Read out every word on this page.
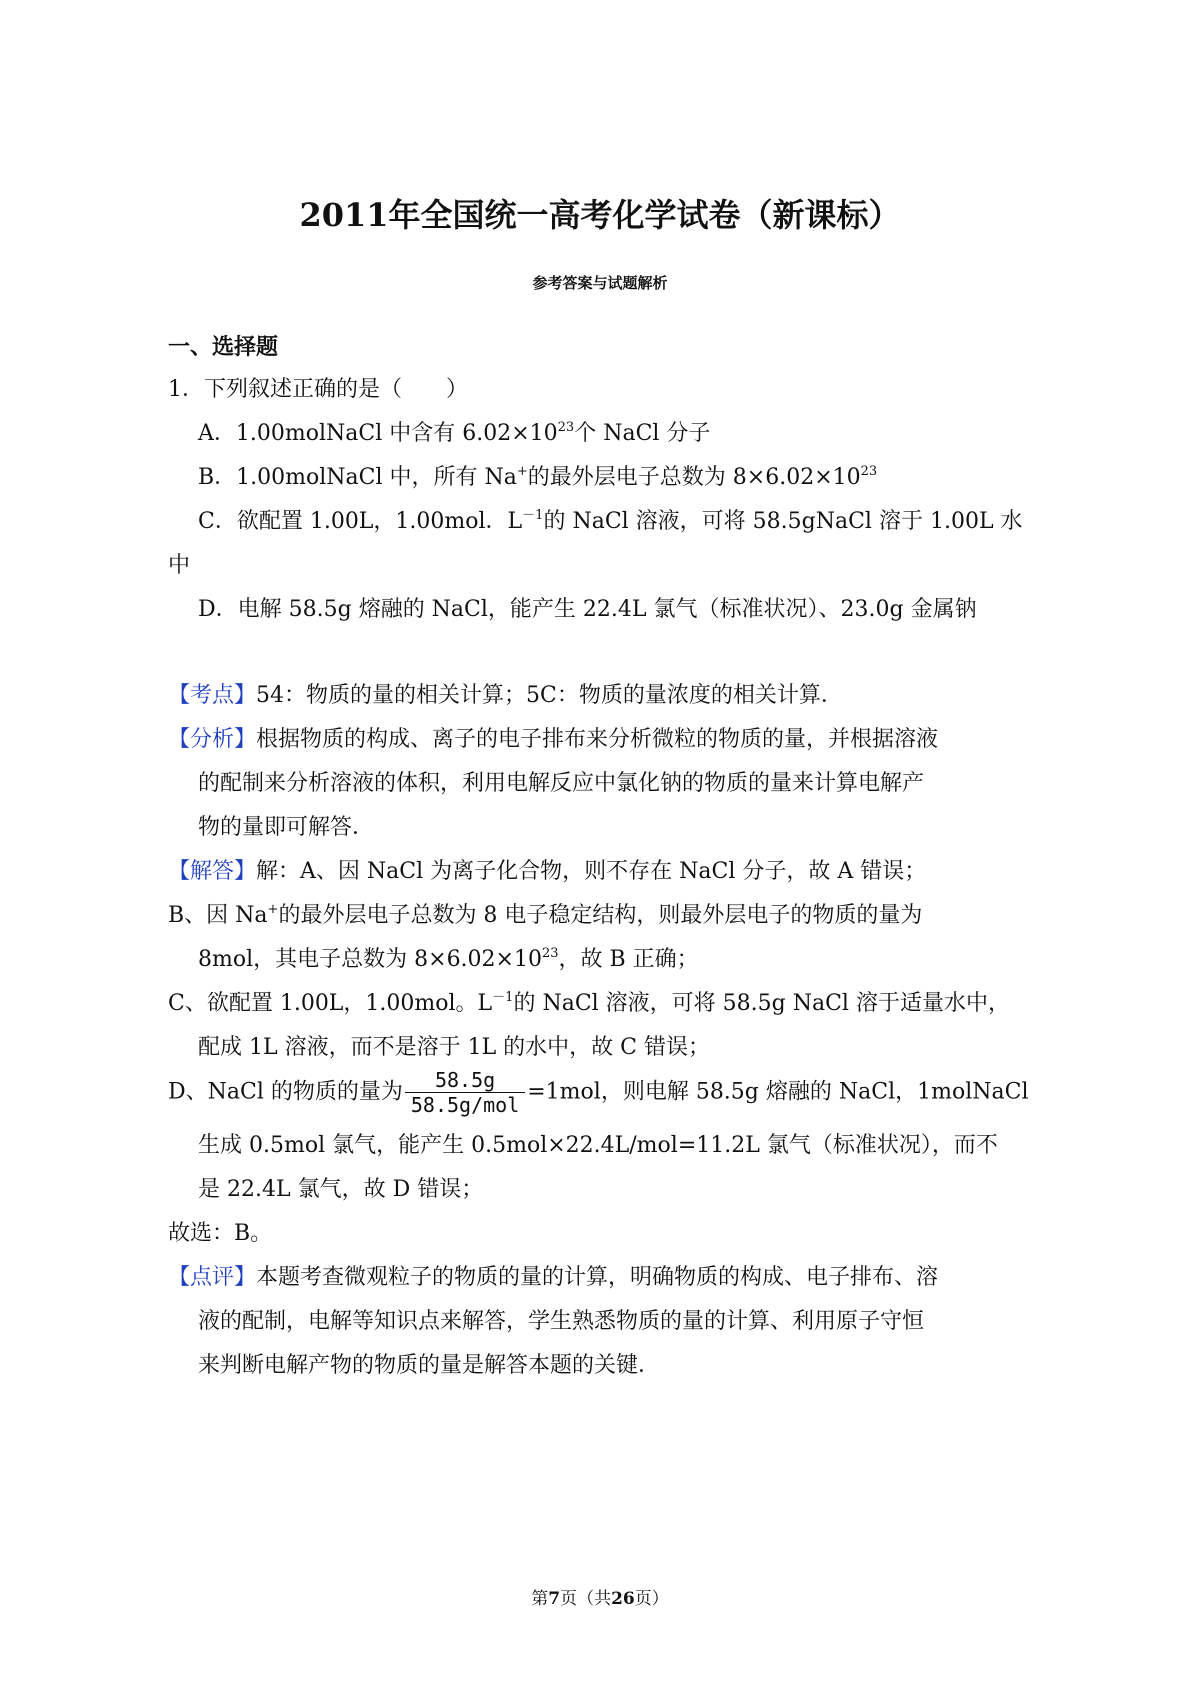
2011年全国统一高考化学试卷（新课标）
参考答案与试题解析
一、选择题
1．下列叙述正确的是（　　）
A．1.00molNaCl 中含有 $6.02\times 10^{23}$个 NaCl 分子
B．1.00molNaCl 中，所有 Na+的最外层电子总数为 $8\times 6.02\times 10^{23}$
C．欲配置 1.00L，1.00mol．$L^{-1}$的 NaCl 溶液，可将 58.5gNaCl 溶于 1.00L 水
中
D．电解 58.5g 熔融的 NaCl，能产生 22.4L 氯气（标准状况）、23.0g 金属钠
【考点】54：物质的量的相关计算；5C：物质的量浓度的相关计算．
【分析】根据物质的构成、离子的电子排布来分析微粒的物质的量，并根据溶液
的配制来分析溶液的体积，利用电解反应中氯化钠的物质的量来计算电解产
物的量即可解答．
【解答】解：A、因 NaCl 为离子化合物，则不存在 NaCl 分子，故 A 错误；
B、因 Na+的最外层电子总数为 8 电子稳定结构，则最外层电子的物质的量为
8mol，其电子总数为 $8\times 6.02\times 10^{23}$，故 B 正确；
C、欲配置 1.00L，1.00mol。$L^{-1}$的 NaCl 溶液，可将 58.5g NaCl 溶于适量水中，
配成 1L 溶液，而不是溶于 1L 的水中，故 C 错误；
D、NaCl 的物质的量为 $\frac{58.5g}{\text{58.5g/mol}} =1mol$，则电解 58.5g 熔融的 NaCl，1molNaCl
生成 0.5mol 氯气，能产生 0.5mol×22.4L/mol=11.2L 氯气（标准状况），而不
是 22.4L 氯气，故 D 错误；
故选：B。
【点评】本题考查微观粒子的物质的量的计算，明确物质的构成、电子排布、溶
液的配制，电解等知识点来解答，学生熟悉物质的量的计算、利用原子守恒
来判断电解产物的物质的量是解答本题的关键．
第7页（共26页）
